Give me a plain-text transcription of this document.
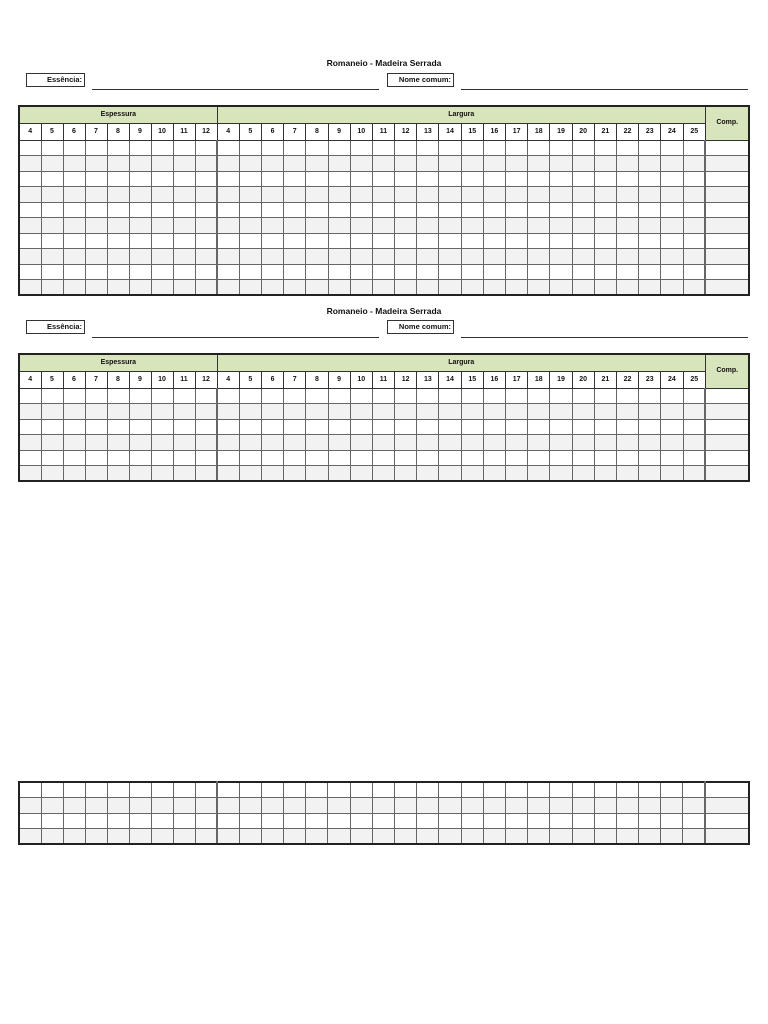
Romaneio - Madeira Serrada
Essência:	Nome comum:
Espessura									Largura																						Comp.
4	5	6	7	8	9	10	11	12	4	5	6	7	8	9	10	11	12	13	14	15	16	17	18	19	20	21	22	23	24	25	

Romaneio - Madeira Serrada
Essência:	Nome comum:
Espessura									Largura																						Comp.
4	5	6	7	8	9	10	11	12	4	5	6	7	8	9	10	11	12	13	14	15	16	17	18	19	20	21	22	23	24	25	
